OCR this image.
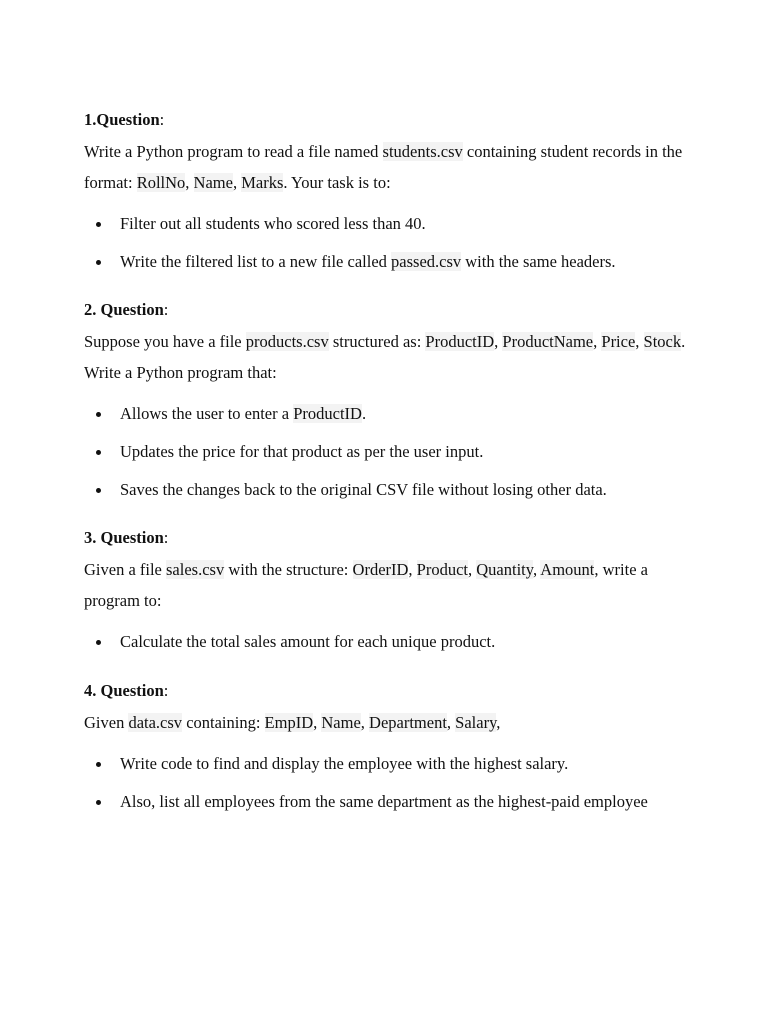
1.Question:

Write a Python program to read a file named students.csv containing student records in the format: RollNo, Name, Marks. Your task is to:

Filter out all students who scored less than 40.
Write the filtered list to a new file called passed.csv with the same headers.

2. Question:

Suppose you have a file products.csv structured as: ProductID, ProductName, Price, Stock. Write a Python program that:

Allows the user to enter a ProductID.
Updates the price for that product as per the user input.
Saves the changes back to the original CSV file without losing other data.

3. Question:

Given a file sales.csv with the structure: OrderID, Product, Quantity, Amount, write a program to:

Calculate the total sales amount for each unique product.

4. Question:

Given data.csv containing: EmpID, Name, Department, Salary,

Write code to find and display the employee with the highest salary.
Also, list all employees from the same department as the highest-paid employee
